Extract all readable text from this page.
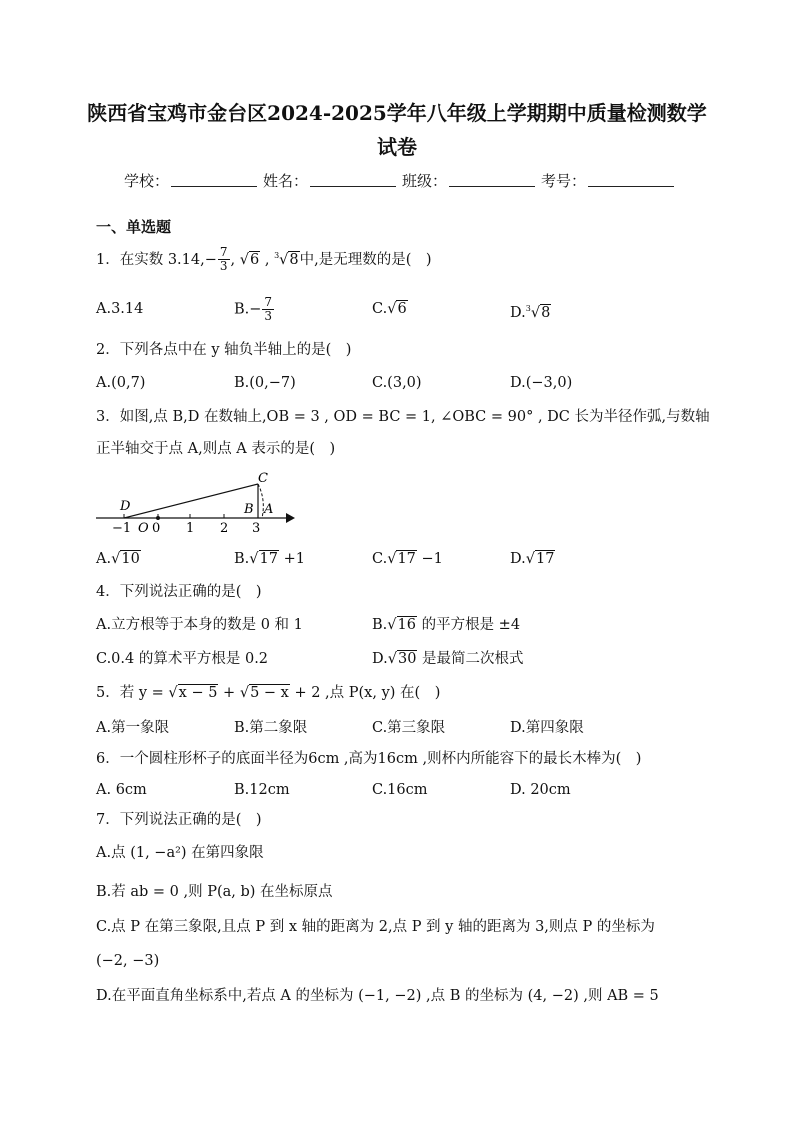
陕西省宝鸡市金台区2024-2025学年八年级上学期期中质量检测数学
试卷
学校：	姓名：	班级：	考号：
一、单选题
1．在实数 $3.14,- \frac{7}{3}$ , √6 , $^3$√8中,是无理数的是(　)
A.3.14	$B.- \frac{7}{3}$	C.√6	D.$^3$√8
2．下列各点中在 y 轴负半轴上的是(　)
A.(0,7)	B.(0,−7)	C.(3,0)	D.(−3,0)
3．如图,点 B,D 在数轴上,OB = 3 , OD = BC = 1, ∠OBC = 90° , DC 长为半径作弧,与数轴
正半轴交于点 A,则点 A 表示的是(　)
D
C
B A
O
−1 0 1 2 3
A.√10	B.√17 +1	C.√17 −1	D.√17
4．下列说法正确的是(　)
A.立方根等于本身的数是 0 和 1	B.√16 的平方根是 ±4
C.0.4 的算术平方根是 0.2	D.√30 是最简二次根式
5．若 y = √x − 5 + √5 − x + 2 ,点 P(x, y) 在(　)
A.第一象限	B.第二象限	C.第三象限	D.第四象限
6．一个圆柱形杯子的底面半径为6cm ,高为16cm ,则杯内所能容下的最长木棒为(　)
A. 6cm	B.12cm	C.16cm	D. 20cm
7．下列说法正确的是(　)
A.点 (1, −a²) 在第四象限
B.若 ab = 0 ,则 P(a, b) 在坐标原点
C.点 P 在第三象限,且点 P 到 x 轴的距离为 2,点 P 到 y 轴的距离为 3,则点 P 的坐标为
(−2, −3)
D.在平面直角坐标系中,若点 A 的坐标为 (−1, −2) ,点 B 的坐标为 (4, −2) ,则 AB = 5
